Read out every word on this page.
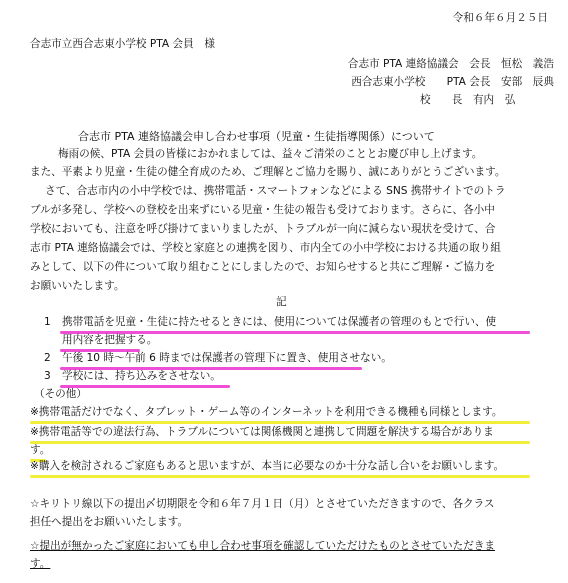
令和６年６月２５日
合志市立西合志東小学校 PTA 会員　様
合志市 PTA 連絡協議会　会長　恒松　義浩
西合志東小学校　　PTA 会長　安部　辰典
校　　長　有内　弘
合志市 PTA 連絡協議会申し合わせ事項（児童・生徒指導関係）について
梅雨の候、PTA 会員の皆様におかれましては、益々ご清栄のこととお慶び申し上げます。
また、平素より児童・生徒の健全育成のため、ご理解とご協力を賜り、誠にありがとうございます。
さて、合志市内の小中学校では、携帯電話・スマートフォンなどによる SNS 携帯サイトでのトラ
ブルが多発し、学校への登校を出来ずにいる児童・生徒の報告も受けております。さらに、各小中
学校においても、注意を呼び掛けてまいりましたが、トラブルが一向に減らない現状を受けて、合
志市 PTA 連絡協議会では、学校と家庭との連携を図り、市内全ての小中学校における共通の取り組
みとして、以下の件について取り組むことにしましたので、お知らせすると共にご理解・ご協力を
お願いいたします。
記
1 携帯電話を児童・生徒に持たせるときには、使用については保護者の管理のもとで行い、使
用内容を把握する。
2 午後 10 時～午前 6 時までは保護者の管理下に置き、使用させない。
3 学校には、持ち込みをさせない。
（その他）
※携帯電話だけでなく、タブレット・ゲーム等のインターネットを利用できる機種も同様とします。
※携帯電話等での違法行為、トラブルについては関係機関と連携して問題を解決する場合がありま
す。
※購入を検討されるご家庭もあると思いますが、本当に必要なのか十分な話し合いをお願いします。
☆キリトリ線以下の提出〆切期限を令和６年７月１日（月）とさせていただきますので、各クラス
担任へ提出をお願いいたします。
☆提出が無かったご家庭においても申し合わせ事項を確認していただけたものとさせていただきま
す。
